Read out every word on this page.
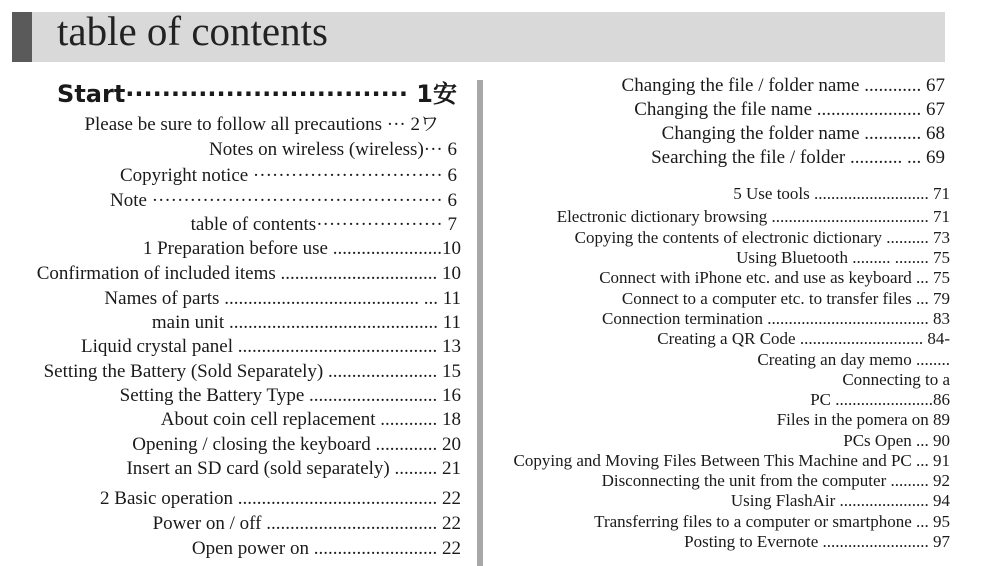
table of contents
Start······························· 1安
Please be sure to follow all precautions ··· 2ワ
Notes on wireless (wireless)··· 6
Copyright notice ······························ 6
Note ·············································· 6
table of contents···················· 7
1 Preparation before use .......................10
Confirmation of included items ................................. 10
Names of parts ......................................... ... 11
main unit ............................................ 11
Liquid crystal panel .......................................... 13
Setting the Battery (Sold Separately) ....................... 15
Setting the Battery Type ........................... 16
About coin cell replacement ............ 18
Opening / closing the keyboard ............. 20
Insert an SD card (sold separately) ......... 21
2 Basic operation .......................................... 22
Power on / off .................................... 22
Open power on .......................... 22
Changing the file / folder name ............ 67
Changing the file name ...................... 67
Changing the folder name ............ 68
Searching the file / folder ........... ... 69
5 Use tools ........................... 71
Electronic dictionary browsing ..................................... 71
Copying the contents of electronic dictionary .......... 73
Using Bluetooth ......... ........ 75
Connect with iPhone etc. and use as keyboard ... 75
Connect to a computer etc. to transfer files ... 79
Connection termination ...................................... 83
Creating a QR Code ............................. 84-
Creating an day memo ........
Connecting to a
PC .......................86
Files in the pomera on 89
PCs Open ... 90
Copying and Moving Files Between This Machine and PC ... 91
Disconnecting the unit from the computer ......... 92
Using FlashAir ..................... 94
Transferring files to a computer or smartphone ... 95
Posting to Evernote ......................... 97
